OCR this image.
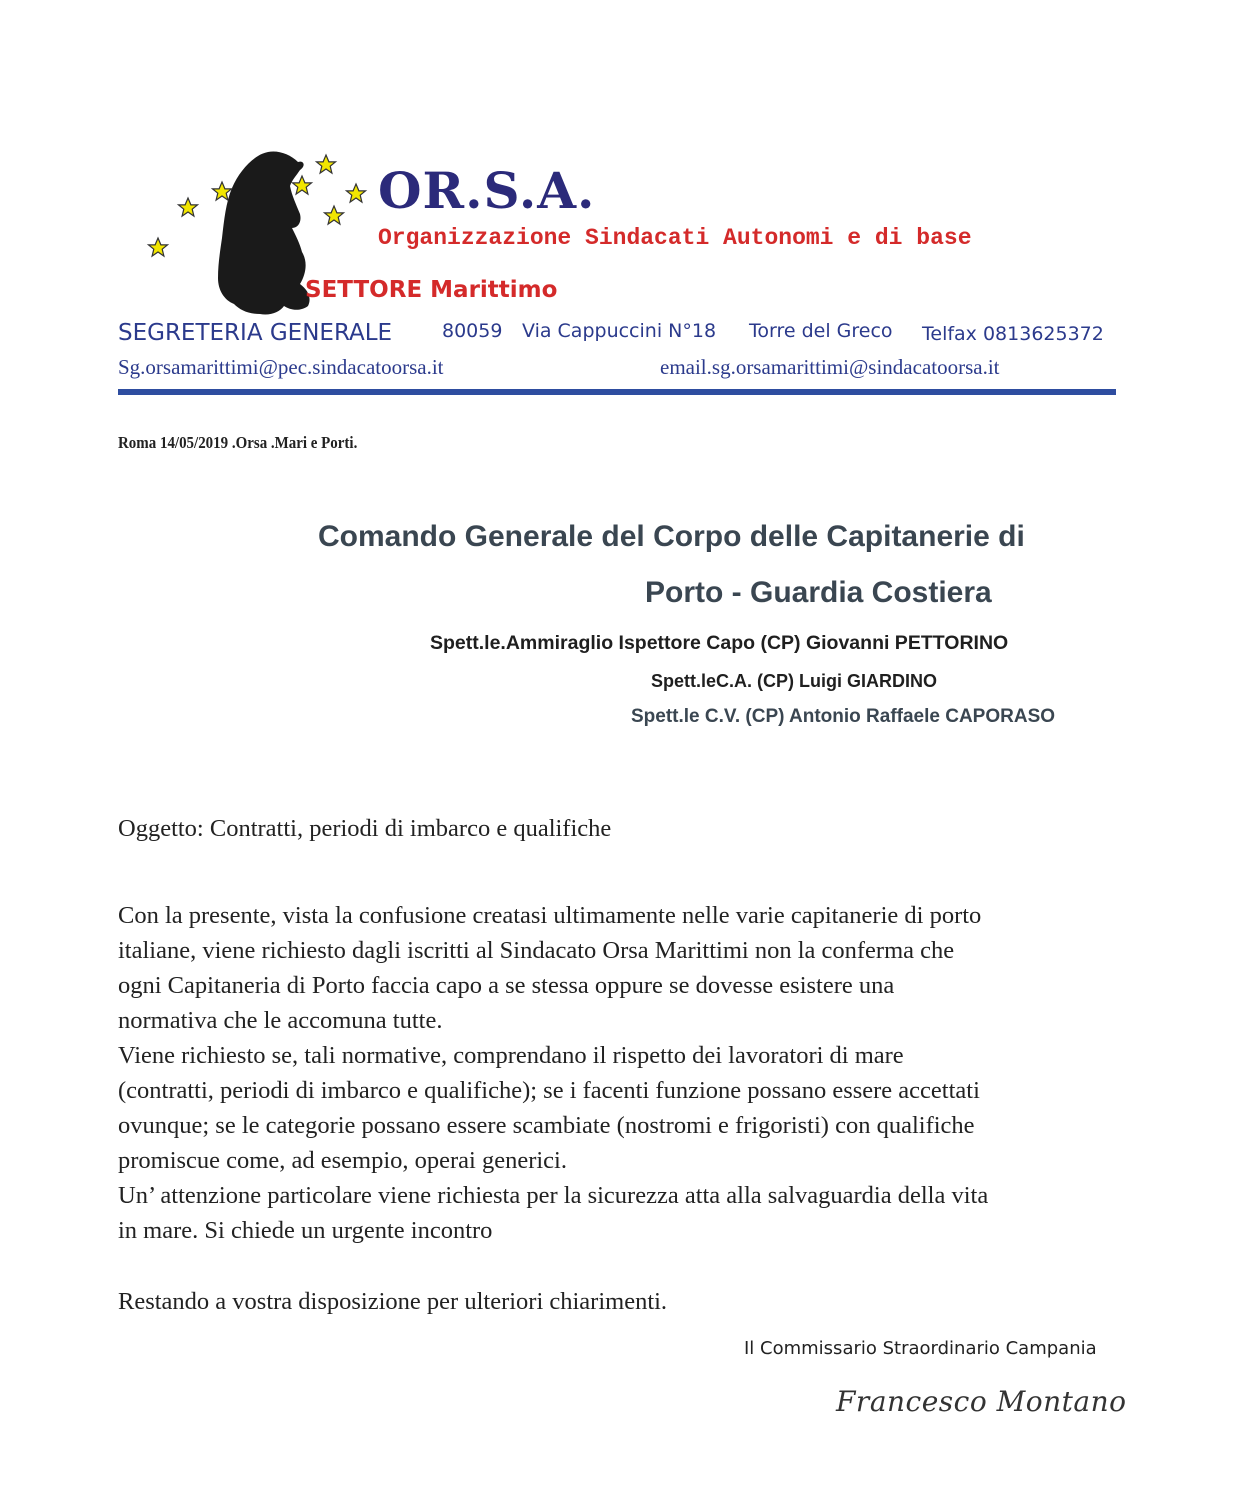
OR.S.A.
Organizzazione Sindacati Autonomi e di base
SETTORE Marittimo
SEGRETERIA GENERALE	80059 Via Cappuccini N°18 Torre del Greco Telfax 0813625372
Sg.orsamarittimi@pec.sindacatoorsa.it	email.sg.orsamarittimi@sindacatoorsa.it
Roma 14/05/2019 .Orsa .Mari e Porti.
Comando Generale del Corpo delle Capitanerie di
Porto - Guardia Costiera
Spett.le.Ammiraglio Ispettore Capo (CP) Giovanni PETTORINO
Spett.leC.A. (CP) Luigi GIARDINO
Spett.le C.V. (CP) Antonio Raffaele CAPORASO
Oggetto: Contratti, periodi di imbarco e qualifiche
Con la presente, vista la confusione creatasi ultimamente nelle varie capitanerie di porto
italiane, viene richiesto dagli iscritti al Sindacato Orsa Marittimi non la conferma che
ogni Capitaneria di Porto faccia capo a se stessa oppure se dovesse esistere una
normativa che le accomuna tutte.
Viene richiesto se, tali normative, comprendano il rispetto dei lavoratori di mare
(contratti, periodi di imbarco e qualifiche); se i facenti funzione possano essere accettati
ovunque; se le categorie possano essere scambiate (nostromi e frigoristi) con qualifiche
promiscue come, ad esempio, operai generici.
Un’ attenzione particolare viene richiesta per la sicurezza atta alla salvaguardia della vita
in mare. Si chiede un urgente incontro
Restando a vostra disposizione per ulteriori chiarimenti.
Il Commissario Straordinario Campania
Francesco Montano
